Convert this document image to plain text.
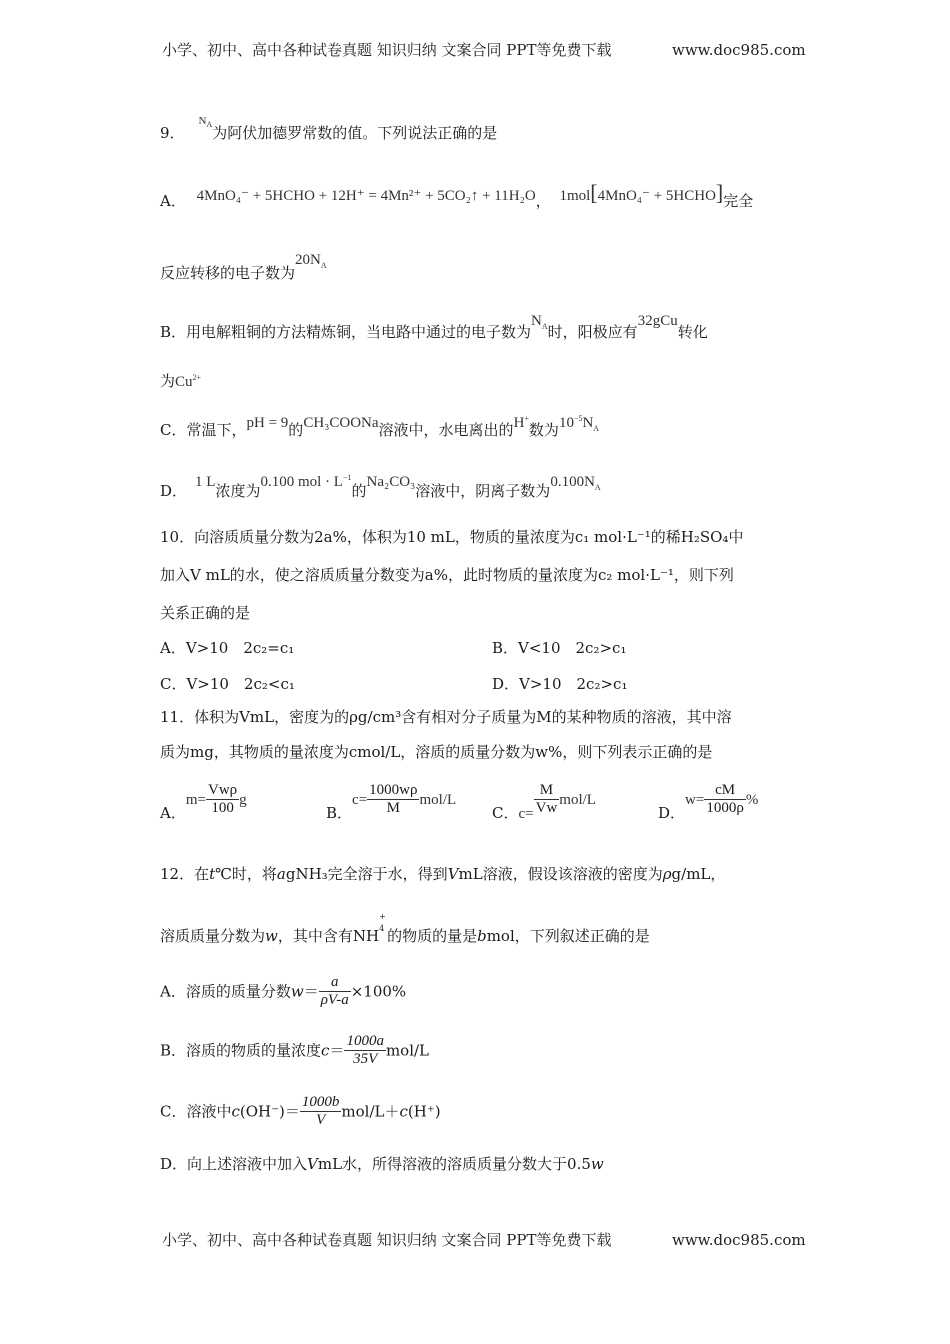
小学、初中、高中各种试卷真题 知识归纳 文案合同 PPT等免费下载	www.doc985.com
9．$^{N_A}$为阿伏加德罗常数的值。下列说法正确的是
A． 4MnO₄⁻ + 5HCHO + 12H⁺ = 4Mn²⁺ + 5CO₂↑ + 11H₂O， 1mol[4MnO₄⁻ + 5HCHO]完全
反应转移的电子数为$20N_A$
B．用电解粗铜的方法精炼铜，当电路中通过的电子数为$N_A$时，阳极应有32gCu转化
为$Cu^{2+}$
C．常温下，pH = 9的CH₃COONa溶液中，水电离出的H+数为$10^{-5}N_A$
D． 1 L浓度为0.100 mol · $L^{-1}$的Na₂CO₃溶液中，阴离子数为$0.100N_A$
10．向溶质质量分数为2a%，体积为10 mL，物质的量浓度为c₁ mol·L⁻¹的稀H₂SO₄中
加入V mL的水，使之溶质质量分数变为a%，此时物质的量浓度为c₂ mol·L⁻¹，则下列
关系正确的是
A．V>10　2c₂=c₁	B．V<10　2c₂>c₁
C．V>10　2c₂<c₁	D．V>10　2c₂>c₁
11．体积为VmL，密度为的ρg/cm³含有相对分子质量为M的某种物质的溶液，其中溶
质为mg，其物质的量浓度为cmol/L，溶质的质量分数为w%，则下列表示正确的是
A．$m= \frac{\text{Vwρ}}{100}$ g
B．$c= \frac{1000w\rho}{M} mol/L$
C．$c= \frac{M}{Vw} mol/L$
D．$w= \frac{cM}{1000\rho}$ %
12．在t℃时，将agNH₃完全溶于水，得到VmL溶液，假设该溶液的密度为ρg/mL，
溶质质量分数为w，其中含有NH
+
4 的物质的量是bmol，下列叙述正确的是
A．溶质的质量分数$w= \frac{a}{\rho V-a} \times 100\%$
B．溶质的物质的量浓度$c= \frac{1000a}{35V} mol/L$
C．溶液中$c(OH^-)= \frac{1000b}{V} mol/L+c(H^+)$
D．向上述溶液中加入VmL水，所得溶液的溶质质量分数大于0.5w
小学、初中、高中各种试卷真题 知识归纳 文案合同 PPT等免费下载	www.doc985.com
